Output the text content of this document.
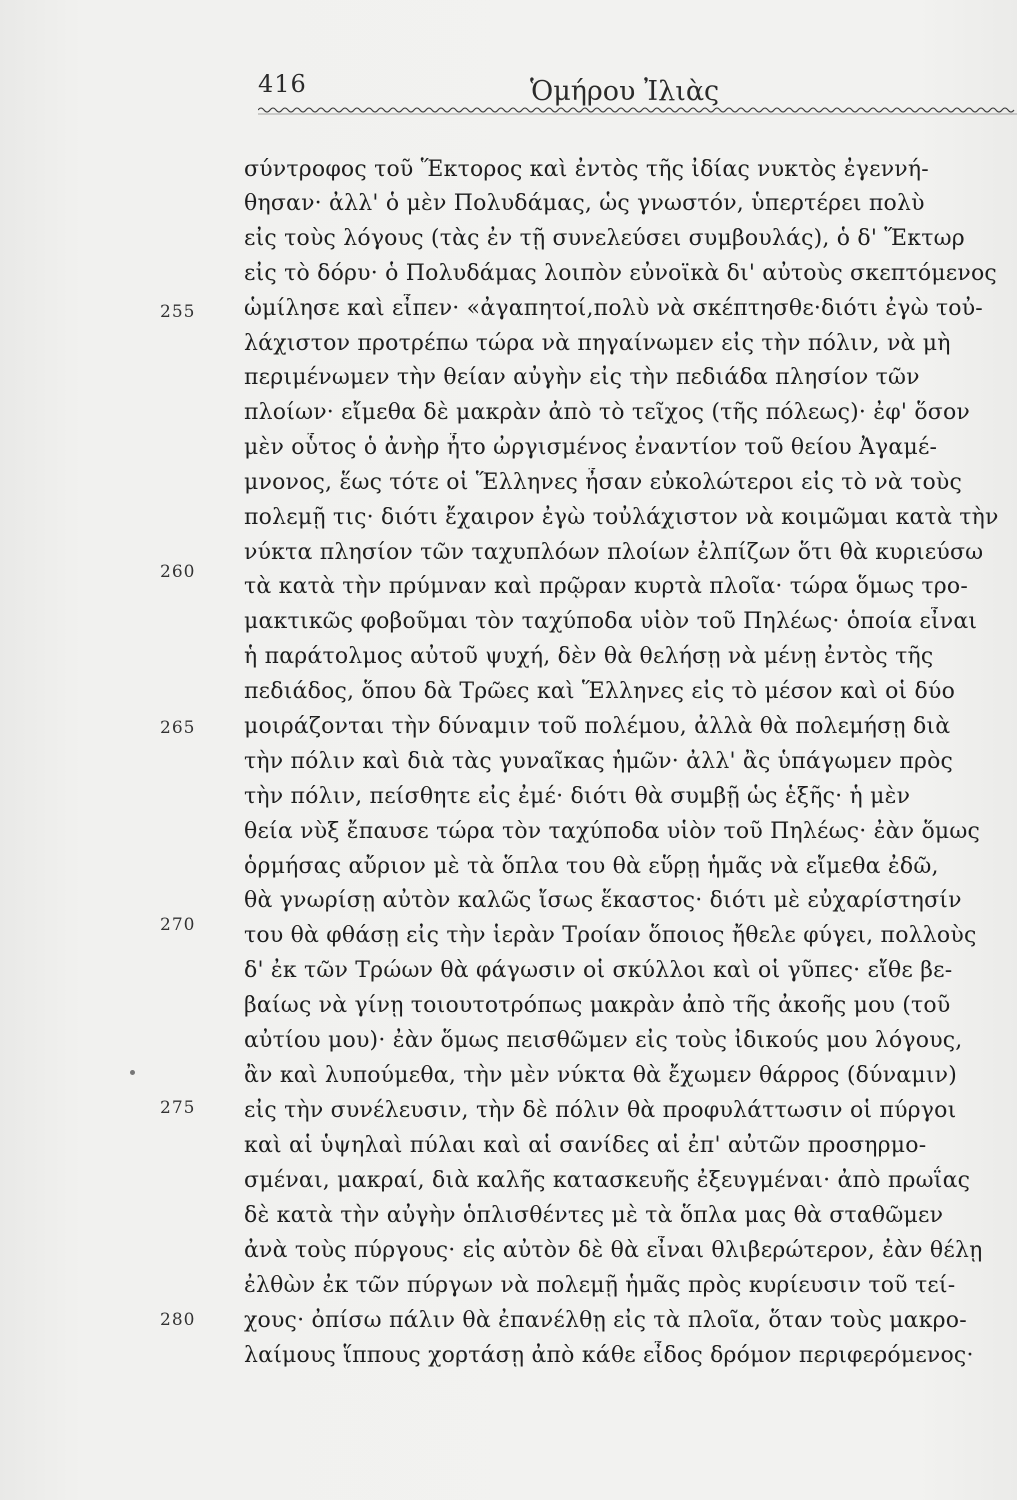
416	Ὁμήρου Ἰλιὰς
σύντροφος τοῦ Ἕκτορος καὶ ἐντὸς τῆς ἰδίας νυκτὸς ἐγεννή-
θησαν· ἀλλ' ὁ μὲν Πολυδάμας, ὡς γνωστόν, ὑπερτέρει πολὺ
εἰς τοὺς λόγους (τὰς ἐν τῇ συνελεύσει συμβουλάς), ὁ δ' Ἕκτωρ
εἰς τὸ δόρυ· ὁ Πολυδάμας λοιπὸν εὐνοϊκὰ δι' αὐτοὺς σκεπτόμενος
ὡμίλησε καὶ εἶπεν· «ἀγαπητοί,πολὺ νὰ σκέπτησθε·διότι ἐγὼ τοὐ-
λάχιστον προτρέπω τώρα νὰ πηγαίνωμεν εἰς τὴν πόλιν, νὰ μὴ
περιμένωμεν τὴν θείαν αὐγὴν εἰς τὴν πεδιάδα πλησίον τῶν
πλοίων· εἴμεθα δὲ μακρὰν ἀπὸ τὸ τεῖχος (τῆς πόλεως)· ἐφ' ὅσον
μὲν οὗτος ὁ ἀνὴρ ἦτο ὠργισμένος ἐναντίον τοῦ θείου Ἀγαμέ-
μνονος, ἕως τότε οἱ Ἕλληνες ἦσαν εὐκολώτεροι εἰς τὸ νὰ τοὺς
πολεμῇ τις· διότι ἔχαιρον ἐγὼ τοὐλάχιστον νὰ κοιμῶμαι κατὰ τὴν
νύκτα πλησίον τῶν ταχυπλόων πλοίων ἐλπίζων ὅτι θὰ κυριεύσω
τὰ κατὰ τὴν πρύμναν καὶ πρῷραν κυρτὰ πλοῖα· τώρα ὅμως τρο-
μακτικῶς φοβοῦμαι τὸν ταχύποδα υἱὸν τοῦ Πηλέως· ὁποία εἶναι
ἡ παράτολμος αὐτοῦ ψυχή, δὲν θὰ θελήσῃ νὰ μένῃ ἐντὸς τῆς
πεδιάδος, ὅπου δὰ Τρῶες καὶ Ἕλληνες εἰς τὸ μέσον καὶ οἱ δύο
μοιράζονται τὴν δύναμιν τοῦ πολέμου, ἀλλὰ θὰ πολεμήσῃ διὰ
τὴν πόλιν καὶ διὰ τὰς γυναῖκας ἡμῶν· ἀλλ' ἂς ὑπάγωμεν πρὸς
τὴν πόλιν, πείσθητε εἰς ἐμέ· διότι θὰ συμβῇ ὡς ἑξῆς· ἡ μὲν
θεία νὺξ ἔπαυσε τώρα τὸν ταχύποδα υἱὸν τοῦ Πηλέως· ἐὰν ὅμως
ὁρμήσας αὔριον μὲ τὰ ὅπλα του θὰ εὕρῃ ἡμᾶς νὰ εἴμεθα ἐδῶ,
θὰ γνωρίσῃ αὐτὸν καλῶς ἴσως ἕκαστος· διότι μὲ εὐχαρίστησίν
του θὰ φθάσῃ εἰς τὴν ἱερὰν Τροίαν ὅποιος ἤθελε φύγει, πολλοὺς
δ' ἐκ τῶν Τρώων θὰ φάγωσιν οἱ σκύλλοι καὶ οἱ γῦπες· εἴθε βε-
βαίως νὰ γίνῃ τοιουτοτρόπως μακρὰν ἀπὸ τῆς ἀκοῆς μου (τοῦ
αὐτίου μου)· ἐὰν ὅμως πεισθῶμεν εἰς τοὺς ἰδικούς μου λόγους,
ἂν καὶ λυπούμεθα, τὴν μὲν νύκτα θὰ ἔχωμεν θάρρος (δύναμιν)
εἰς τὴν συνέλευσιν, τὴν δὲ πόλιν θὰ προφυλάττωσιν οἱ πύργοι
καὶ αἱ ὑψηλαὶ πύλαι καὶ αἱ σανίδες αἱ ἐπ' αὐτῶν προσηρμο-
σμέναι, μακραί, διὰ καλῆς κατασκευῆς ἐξευγμέναι· ἀπὸ πρωΐας
δὲ κατὰ τὴν αὐγὴν ὁπλισθέντες μὲ τὰ ὅπλα μας θὰ σταθῶμεν
ἀνὰ τοὺς πύργους· εἰς αὐτὸν δὲ θὰ εἶναι θλιβερώτερον, ἐὰν θέλῃ
ἐλθὼν ἐκ τῶν πύργων νὰ πολεμῇ ἡμᾶς πρὸς κυρίευσιν τοῦ τεί-
χους· ὀπίσω πάλιν θὰ ἐπανέλθῃ εἰς τὰ πλοῖα, ὅταν τοὺς μακρο-
λαίμους ἵππους χορτάσῃ ἀπὸ κάθε εἶδος δρόμον περιφερόμενος·
255
260
265
270
275
280
